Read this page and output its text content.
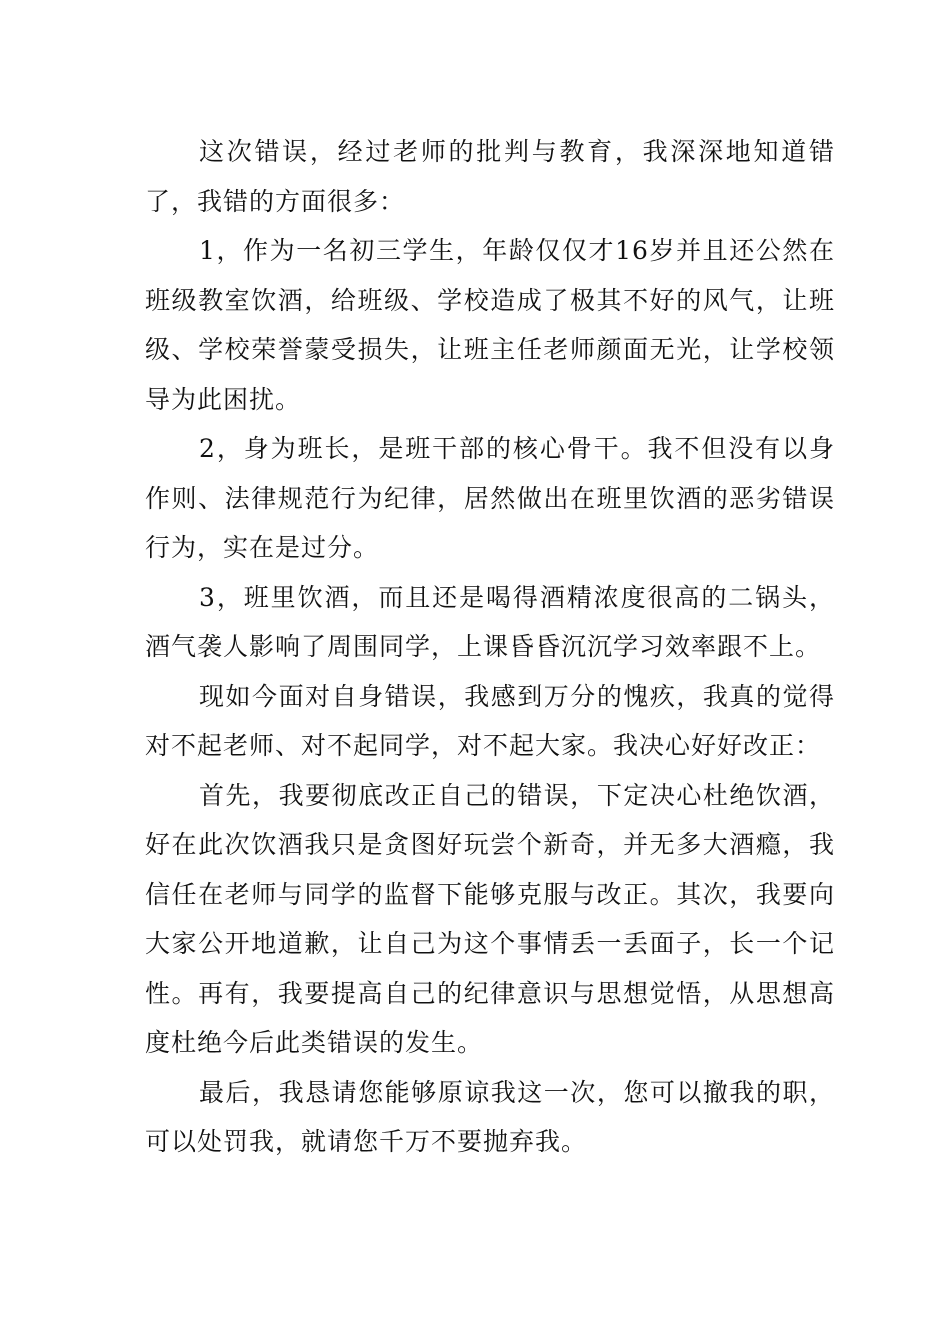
这次错误，经过老师的批判与教育，我深深地知道错了，我错的方面很多：

1，作为一名初三学生，年龄仅仅才16岁并且还公然在班级教室饮酒，给班级、学校造成了极其不好的风气，让班级、学校荣誉蒙受损失，让班主任老师颜面无光，让学校领导为此困扰。

2，身为班长，是班干部的核心骨干。我不但没有以身作则、法律规范行为纪律，居然做出在班里饮酒的恶劣错误行为，实在是过分。

3，班里饮酒，而且还是喝得酒精浓度很高的二锅头，酒气袭人影响了周围同学，上课昏昏沉沉学习效率跟不上。

现如今面对自身错误，我感到万分的愧疚，我真的觉得对不起老师、对不起同学，对不起大家。我决心好好改正：

首先，我要彻底改正自己的错误，下定决心杜绝饮酒，好在此次饮酒我只是贪图好玩尝个新奇，并无多大酒瘾，我信任在老师与同学的监督下能够克服与改正。其次，我要向大家公开地道歉，让自己为这个事情丢一丢面子，长一个记性。再有，我要提高自己的纪律意识与思想觉悟，从思想高度杜绝今后此类错误的发生。

最后，我恳请您能够原谅我这一次，您可以撤我的职，可以处罚我，就请您千万不要抛弃我。
